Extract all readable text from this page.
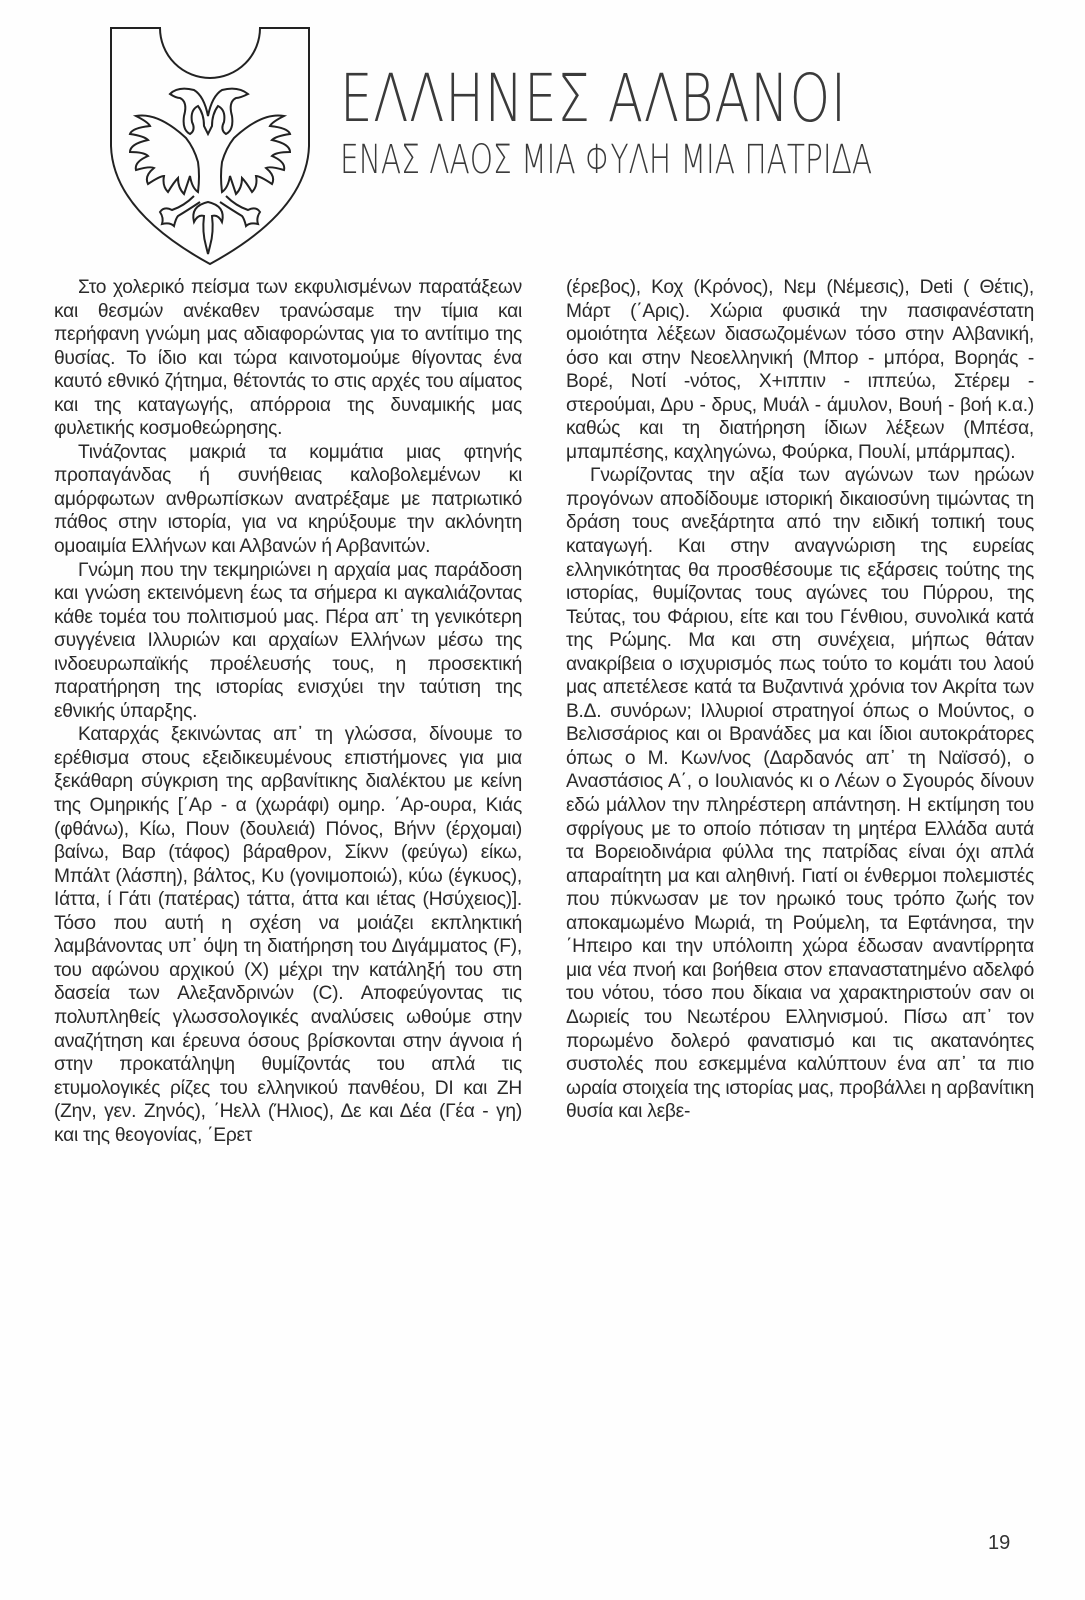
ΕΛΛΗΝΕΣ ΑΛΒΑΝΟΙ
ΕΝΑΣ ΛΑΟΣ ΜΙΑ ΦΥΛΗ ΜΙΑ ΠΑΤΡΙΔΑ

Στο χολερικό πείσμα των εκφυλισμένων παρατάξεων και θεσμών ανέκαθεν τρανώσαμε την τίμια και περήφανη γνώμη μας αδιαφορώντας για το αντίτιμο της θυσίας. Το ίδιο και τώρα καινοτομούμε θίγοντας ένα καυτό εθνικό ζήτημα, θέτοντάς το στις αρχές του αίματος και της καταγωγής, απόρροια της δυναμικής μας φυλετικής κοσμοθεώρησης.

Τινάζοντας μακριά τα κομμάτια μιας φτηνής προπαγάνδας ή συνήθειας καλοβολεμένων κι αμόρφωτων ανθρωπίσκων ανατρέξαμε με πατριωτικό πάθος στην ιστορία, για να κηρύξουμε την ακλόνητη ομοαιμία Ελλήνων και Αλβανών ή Αρβανιτών.

Γνώμη που την τεκμηριώνει η αρχαία μας παράδοση και γνώση εκτεινόμενη έως τα σήμερα κι αγκαλιάζοντας κάθε τομέα του πολιτισμού μας. Πέρα απ᾽ τη γενικότερη συγγένεια Ιλλυριών και αρχαίων Ελλήνων μέσω της ινδοευρωπαϊκής προέλευσής τους, η προσεκτική παρατήρηση της ιστορίας ενισχύει την ταύτιση της εθνικής ύπαρξης.

Καταρχάς ξεκινώντας απ᾽ τη γλώσσα, δίνουμε το ερέθισμα στους εξειδικευμένους επιστήμονες για μια ξεκάθαρη σύγκριση της αρβανίτικης διαλέκτου με κείνη της Ομηρικής [΄Αρ - α (χωράφι) ομηρ. ΄Αρ-ουρα, Κιάς (φθάνω), Κίω, Πουν (δουλειά) Πόνος, Βήνν (έρχομαι) βαίνω, Βαρ (τάφος) βάραθρον, Σίκνν (φεύγω) είκω, Μπάλτ (λάσπη), βάλτος, Κυ (γονιμοποιώ), κύω (έγκυος), Ιάττα, ί Γάτι (πατέρας) τάττα, άττα και ιέτας (Ησύχειος)]. Τόσο που αυτή η σχέση να μοιάζει εκπληκτική λαμβάνοντας υπ᾽ όψη τη διατήρηση του Διγάμματος (F), του αφώνου αρχικού (Χ) μέχρι την κατάληξή του στη δασεία των Αλεξανδρινών (C). Αποφεύγοντας τις πολυπληθείς γλωσσολογικές αναλύσεις ωθούμε στην αναζήτηση και έρευνα όσους βρίσκονται στην άγνοια ή στην προκατάληψη θυμίζοντάς του απλά τις ετυμολογικές ρίζες του ελληνικού πανθέου, DI και ΖΗ (Ζην, γεν. Ζηνός), ΄Ηελλ (Ήλιος), Δε και Δέα (Γέα - γη) και της θεογονίας, ΄Ερετ

(έρεβος), Κοχ (Κρόνος), Νεμ (Νέμεσις), Deti ( Θέτις), Μάρτ (΄Αρις). Χώρια φυσικά την πασιφανέστατη ομοιότητα λέξεων διασωζομένων τόσο στην Αλβανική, όσο και στην Νεοελληνική (Μπορ - μπόρα, Βορηάς - Βορέ, Νοτί -νότος, Χ+ιππιν - ιππεύω, Στέρεμ - στερούμαι, Δρυ - δρυς, Μυάλ - άμυλον, Βουή - βοή κ.α.) καθώς και τη διατήρηση ίδιων λέξεων (Μπέσα, μπαμπέσης, καχληγώνω, Φούρκα, Πουλί, μπάρμπας).

Γνωρίζοντας την αξία των αγώνων των ηρώων προγόνων αποδίδουμε ιστορική δικαιοσύνη τιμώντας τη δράση τους ανεξάρτητα από την ειδική τοπική τους καταγωγή. Και στην αναγνώριση της ευρείας ελληνικότητας θα προσθέσουμε τις εξάρσεις τούτης της ιστορίας, θυμίζοντας τους αγώνες του Πύρρου, της Τεύτας, του Φάριου, είτε και του Γένθιου, συνολικά κατά της Ρώμης. Μα και στη συνέχεια, μήπως θάταν ανακρίβεια ο ισχυρισμός πως τούτο το κομάτι του λαού μας απετέλεσε κατά τα Βυζαντινά χρόνια τον Ακρίτα των Β.Δ. συνόρων; Ιλλυριοί στρατηγοί όπως ο Μούντος, ο Βελισσάριος και οι Βρανάδες μα και ίδιοι αυτοκράτορες όπως ο Μ. Κων/νος (Δαρδανός απ᾽ τη Ναϊσσό), ο Αναστάσιος Α΄, ο Ιουλιανός κι ο Λέων ο Σγουρός δίνουν εδώ μάλλον την πληρέστερη απάντηση. Η εκτίμηση του σφρίγους με το οποίο πότισαν τη μητέρα Ελλάδα αυτά τα Βορειοδινάρια φύλλα της πατρίδας είναι όχι απλά απαραίτητη μα και αληθινή. Γιατί οι ένθερμοι πολεμιστές που πύκνωσαν με τον ηρωικό τους τρόπο ζωής τον αποκαμωμένο Μωριά, τη Ρούμελη, τα Εφτάνησα, την ΄Ηπειρο και την υπόλοιπη χώρα έδωσαν αναντίρρητα μια νέα πνοή και βοήθεια στον επαναστατημένο αδελφό του νότου, τόσο που δίκαια να χαρακτηριστούν σαν οι Δωριείς του Νεωτέρου Ελληνισμού. Πίσω απ᾽ τον πορωμένο δολερό φανατισμό και τις ακατανόητες συστολές που εσκεμμένα καλύπτουν ένα απ᾽ τα πιο ωραία στοιχεία της ιστορίας μας, προβάλλει η αρβανίτικη θυσία και λεβε-

19
